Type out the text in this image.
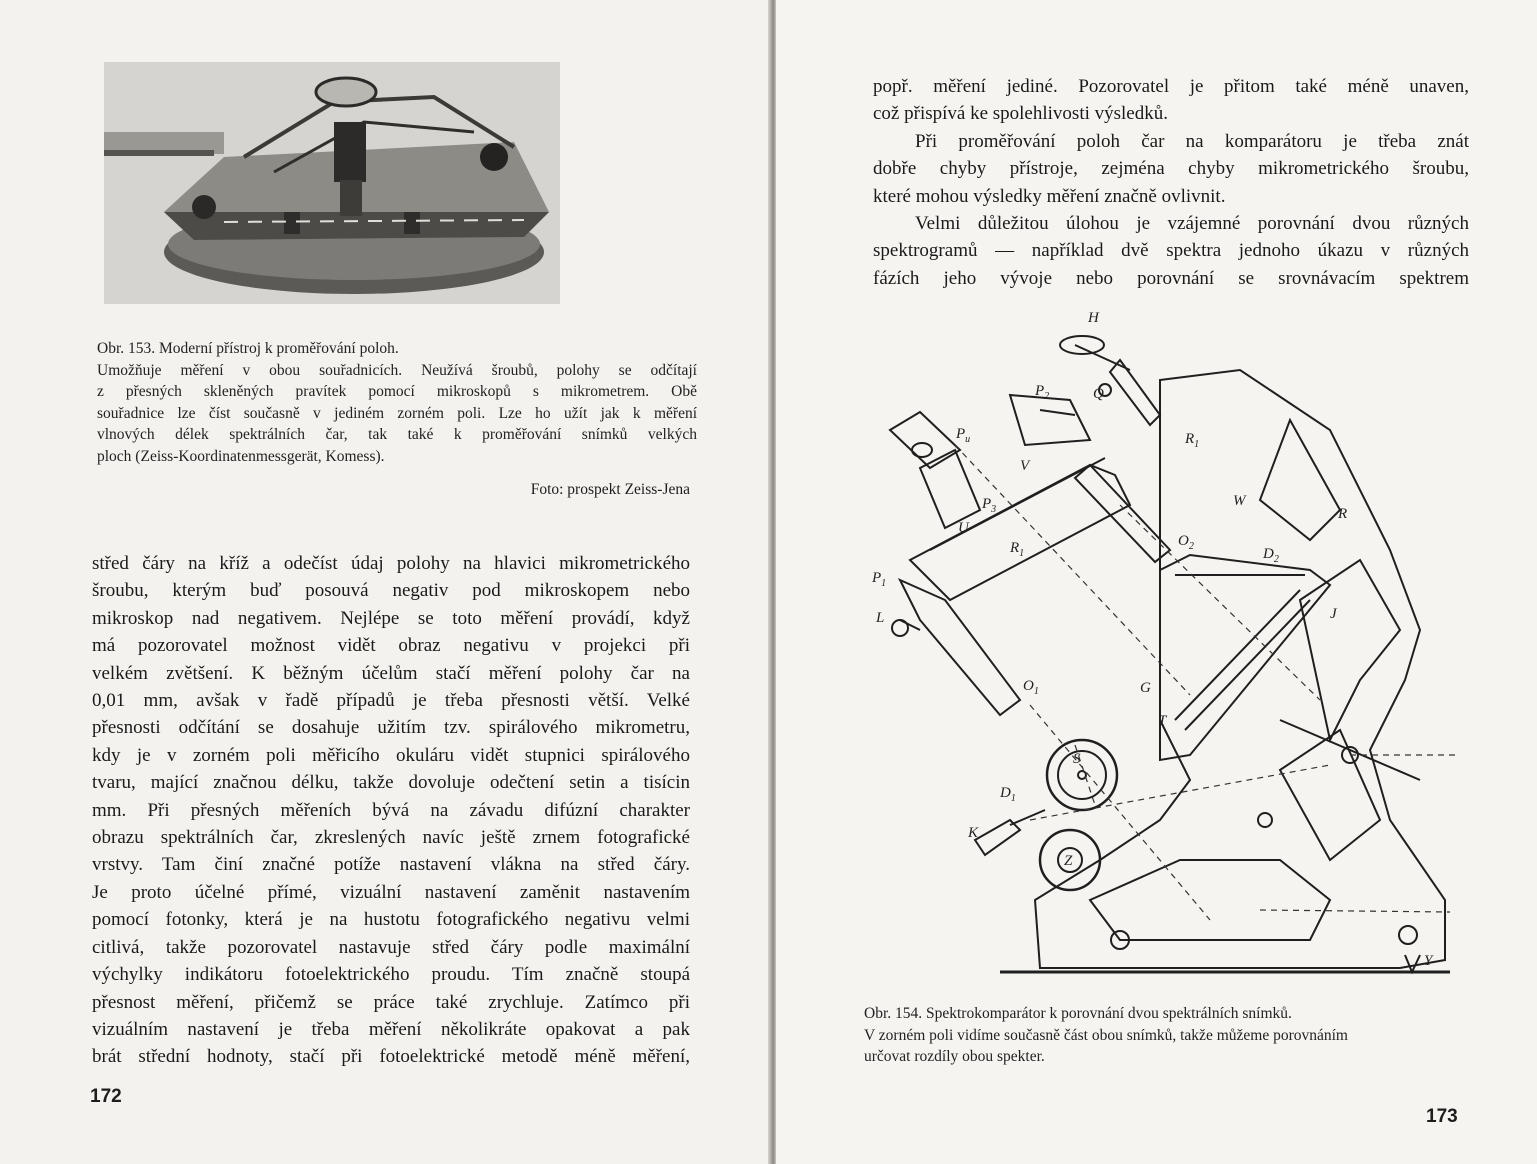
Obr. 153. Moderní přístroj k proměřování poloh.
Umožňuje měření v obou souřadnicích. Neužívá šroubů, polohy se odčítají
z přesných skleněných pravítek pomocí mikroskopů s mikrometrem. Obě
souřadnice lze číst současně v jediném zorném poli. Lze ho užít jak k měření
vlnových délek spektrálních čar, tak také k proměřování snímků velkých
ploch (Zeiss-Koordinatenmessgerät, Komess).
Foto: prospekt Zeiss-Jena
střed čáry na kříž a odečíst údaj polohy na hlavici mikrometrického
šroubu, kterým buď posouvá negativ pod mikroskopem nebo
mikroskop nad negativem. Nejlépe se toto měření provádí, když
má pozorovatel možnost vidět obraz negativu v projekci při
velkém zvětšení. K běžným účelům stačí měření polohy čar na
0,01 mm, avšak v řadě případů je třeba přesnosti větší. Velké
přesnosti odčítání se dosahuje užitím tzv. spirálového mikrometru,
kdy je v zorném poli měřicího okuláru vidět stupnici spirálového
tvaru, mající značnou délku, takže dovoluje odečtení setin a tisícin
mm. Při přesných měřeních bývá na závadu difúzní charakter
obrazu spektrálních čar, zkreslených navíc ještě zrnem fotografické
vrstvy. Tam činí značné potíže nastavení vlákna na střed čáry.
Je proto účelné přímé, vizuální nastavení zaměnit nastavením
pomocí fotonky, která je na hustotu fotografického negativu velmi
citlivá, takže pozorovatel nastavuje střed čáry podle maximální
výchylky indikátoru fotoelektrického proudu. Tím značně stoupá
přesnost měření, přičemž se práce také zrychluje. Zatímco při
vizuálním nastavení je třeba měření několikráte opakovat a pak
brát střední hodnoty, stačí při fotoelektrické metodě méně měření,
172
popř. měření jediné. Pozorovatel je přitom také méně unaven,
což přispívá ke spolehlivosti výsledků.
Při proměřování poloh čar na komparátoru je třeba znát
dobře chyby přístroje, zejména chyby mikrometrického šroubu,
které mohou výsledky měření značně ovlivnit.
Velmi důležitou úlohou je vzájemné porovnání dvou různých
spektrogramů — například dvě spektra jednoho úkazu v různých
fázích jeho vývoje nebo porovnání se srovnávacím spektrem
H
Q
$P_2$
$P_u$	$R_1$
V
W
R
$P_3$
U
$O_2$
$R_1$	$D_2$
$P_1$
L	J
$O_1$	G
T
S
$D_1$
K
Z
Y
Obr. 154. Spektrokomparátor k porovnání dvou spektrálních snímků.
V zorném poli vidíme současně část obou snímků, takže můžeme porovnáním
určovat rozdíly obou spekter.
173
